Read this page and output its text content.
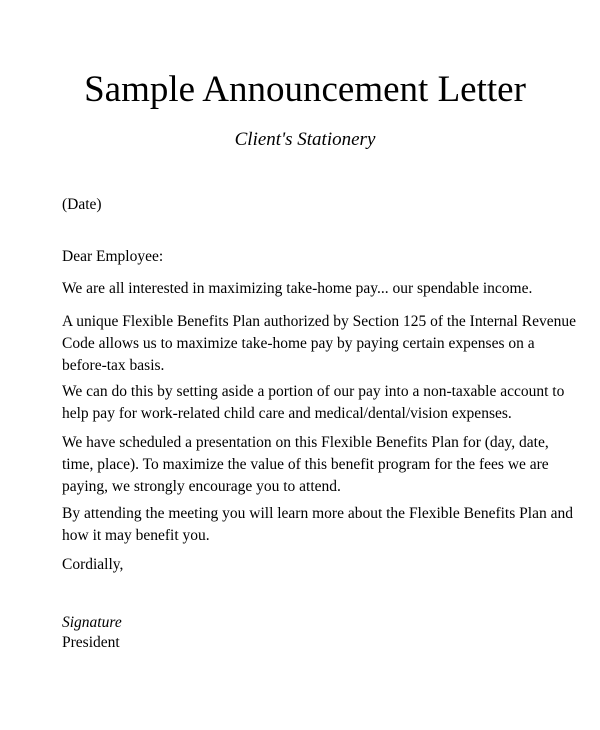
Sample Announcement Letter
Client's Stationery
(Date)
Dear Employee:
We are all interested in maximizing take-home pay... our spendable income.
A unique Flexible Benefits Plan authorized by Section 125 of the Internal Revenue
Code allows us to maximize take-home pay by paying certain expenses on a
before-tax basis.
We can do this by setting aside a portion of our pay into a non-taxable account to
help pay for work-related child care and medical/dental/vision expenses.
We have scheduled a presentation on this Flexible Benefits Plan for (day, date,
time, place). To maximize the value of this benefit program for the fees we are
paying, we strongly encourage you to attend.
By attending the meeting you will learn more about the Flexible Benefits Plan and
how it may benefit you.
Cordially,
Signature
President
